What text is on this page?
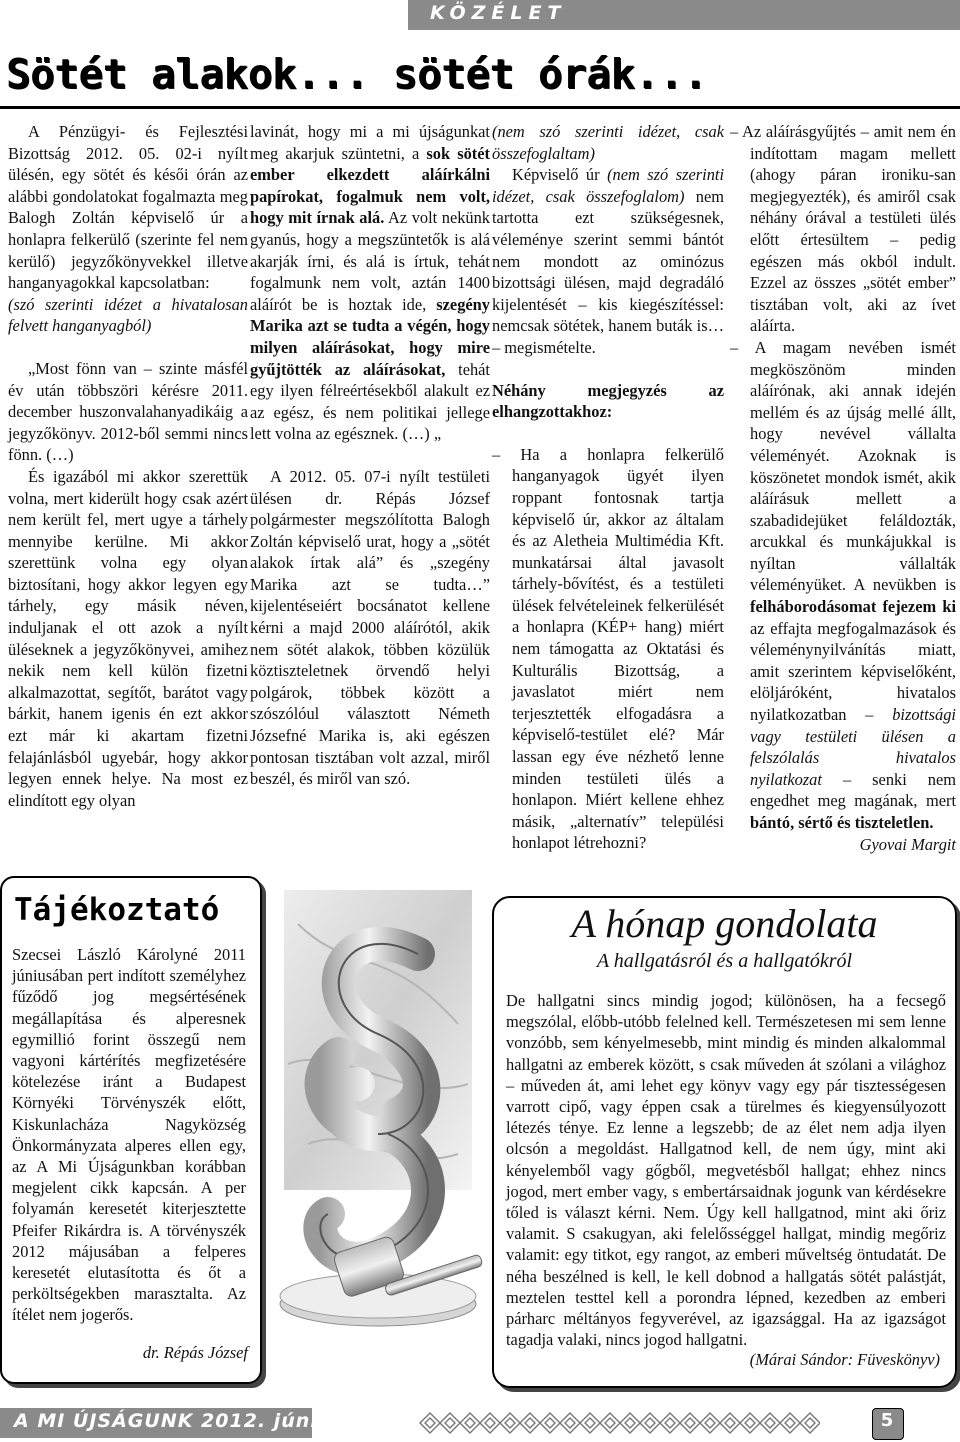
KÖZÉLET
Sötét alakok... sötét órák...

A Pénzügyi- és Fejlesztési Bizottság 2012. 05. 02-i nyílt ülésén, egy sötét és késői órán az alábbi gondolatokat fogalmazta meg Balogh Zoltán képviselő úr a honlapra felkerülő (szerinte fel nem kerülő) jegyzőkönyvekkel illetve hanganyagokkal kapcsolatban:

(szó szerinti idézet a hivatalosan felvett hanganyagból)

„Most fönn van – szinte másfél év után többszöri kérésre 2011. december huszonvalahanyadikáig a jegyzőkönyv. 2012-ből semmi nincs fönn. (…)

És igazából mi akkor szerettük volna, mert kiderült hogy csak azért nem került fel, mert ugye a tárhely mennyibe kerülne. Mi akkor szerettünk volna egy olyan biztosítani, hogy akkor legyen egy tárhely, egy másik néven, induljanak el ott azok a nyílt üléseknek a jegyzőkönyvei, amihez nekik nem kell külön fizetni alkalmazottat, segítőt, barátot vagy bárkit, hanem igenis én ezt akkor ezt már ki akartam fizetni felajánlásból ugyebár, hogy akkor legyen ennek helye. Na most ez elindított egy olyan

lavinát, hogy mi a mi újságunkat meg akarjuk szüntetni, a sok sötét ember elkezdett aláírkálni papírokat, fogalmuk nem volt, hogy mit írnak alá. Az volt nekünk gyanús, hogy a megszüntetők is alá akarják írni, és alá is írtuk, tehát fogalmunk nem volt, aztán 1400 aláírót be is hoztak ide, szegény Marika azt se tudta a végén, hogy milyen aláírásokat, hogy mire gyűjtötték az aláírásokat, tehát egy ilyen félreértésekből alakult ez az egész, és nem politikai jellege lett volna az egésznek. (…) „

A 2012. 05. 07-i nyílt testületi ülésen dr. Répás József polgármester megszólította Balogh Zoltán képviselő urat, hogy a „sötét alakok írtak alá” és „szegény Marika azt se tudta…” kijelentéseiért bocsánatot kellene kérni a majd 2000 aláírótól, akik nem sötét alakok, többen közülük köztiszteletnek örvendő helyi polgárok, többek között a szószólóul választott Németh Józsefné Marika is, aki egészen pontosan tisztában volt azzal, miről beszél, és miről van szó.

(nem szó szerinti idézet, csak összefoglaltam)

Képviselő úr (nem szó szerinti idézet, csak összefoglalom) nem tartotta ezt szükségesnek, véleménye szerint semmi bántót nem mondott az ominózus bizottsági ülésen, majd degradáló kijelentését – kis kiegészítéssel: nemcsak sötétek, hanem buták is… – megismételte.

Néhány megjegyzés az elhangzottakhoz:

– Ha a honlapra felkerülő hanganyagok ügyét ilyen roppant fontosnak tartja képviselő úr, akkor az általam és az Aletheia Multimédia Kft. munkatársai által javasolt tárhely-bővítést, és a testületi ülések felvételeinek felkerülését a honlapra (KÉP+ hang) miért nem támogatta az Oktatási és Kulturális Bizottság, a javaslatot miért nem terjesztették elfogadásra a képviselő-testület elé? Már lassan egy éve nézhető lenne minden testületi ülés a honlapon. Miért kellene ehhez másik, „alternatív” települési honlapot létrehozni?

– Az aláírásgyűjtés – amit nem én indítottam magam mellett (ahogy páran ironiku-san megjegyezték), és amiről csak néhány órával a testületi ülés előtt értesültem – pedig egészen más okból indult. Ezzel az összes „sötét ember” tisztában volt, aki az ívet aláírta.

– A magam nevében ismét megköszönöm minden aláírónak, aki annak idején mellém és az újság mellé állt, hogy nevével vállalta véleményét. Azoknak is köszönetet mondok ismét, akik aláírásuk mellett a szabadidejüket feláldozták, arcukkal és munkájukkal is nyíltan vállalták véleményüket. A nevükben is felháborodásomat fejezem ki az effajta megfogalmazások és véleménynyilvánítás miatt, amit szerintem képviselőként, elöljáróként, hivatalos nyilatkozatban – bizottsági vagy testületi ülésen a felszólalás hivatalos nyilatkozat – senki nem engedhet meg magának, mert bántó, sértő és tiszteletlen.

Gyovai Margit

Tájékoztató
Szecsei László Károlyné 2011 júniusában pert indított személyhez fűződő jog megsértésének megállapítása és alperesnek egymillió forint összegű nem vagyoni kártérítés megfizetésére kötelezése iránt a Budapest Környéki Törvényszék előtt, Kiskunlacháza Nagyközség Önkormányzata alperes ellen egy, az A Mi Újságunkban korábban megjelent cikk kapcsán. A per folyamán keresetét kiterjesztette Pfeifer Rikárdra is. A törvényszék 2012 májusában a felperes keresetét elutasította és őt a perköltségekben marasztalta. Az ítélet nem jogerős.
dr. Répás József
A hónap gondolata
A hallgatásról és a hallgatókról
De hallgatni sincs mindig jogod; különösen, ha a fecsegő megszólal, előbb-utóbb felelned kell. Természetesen mi sem lenne vonzóbb, sem kényelmesebb, mint mindig és minden alkalommal hallgatni az emberek között, s csak műveden át szólani a világhoz – műveden át, ami lehet egy könyv vagy egy pár tisztességesen varrott cipő, vagy éppen csak a türelmes és kiegyensúlyozott létezés ténye. Ez lenne a legszebb; de az élet nem adja ilyen olcsón a megoldást. Hallgatnod kell, de nem úgy, mint aki kényelemből vagy gőgből, megvetésből hallgat; ehhez nincs jogod, mert ember vagy, s embertársaidnak jogunk van kérdésekre tőled is választ kérni. Nem. Úgy kell hallgatnod, mint aki őriz valamit. S csakugyan, aki felelősséggel hallgat, mindig megőriz valamit: egy titkot, egy rangot, az emberi műveltség öntudatát. De néha beszélned is kell, le kell dobnod a hallgatás sötét palástját, meztelen testtel kell a porondra lépned, kezedben az emberi párharc méltányos fegyverével, az igazsággal. Ha az igazságot tagadja valaki, nincs jogod hallgatni.
(Márai Sándor: Füveskönyv)
A MI ÚJSÁGUNK 2012. június	5
